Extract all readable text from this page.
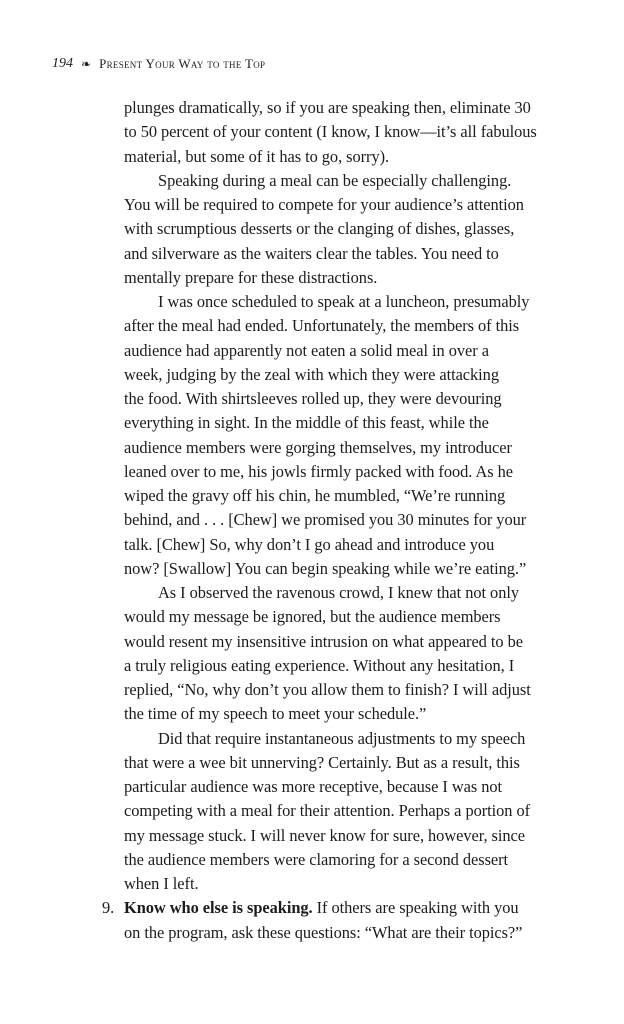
194 ❧ Present Your Way to the Top
plunges dramatically, so if you are speaking then, eliminate 30
to 50 percent of your content (I know, I know—it’s all fabulous
material, but some of it has to go, sorry).
Speaking during a meal can be especially challenging.
You will be required to compete for your audience’s attention
with scrumptious desserts or the clanging of dishes, glasses,
and silverware as the waiters clear the tables. You need to
mentally prepare for these distractions.
I was once scheduled to speak at a luncheon, presumably
after the meal had ended. Unfortunately, the members of this
audience had apparently not eaten a solid meal in over a
week, judging by the zeal with which they were attacking
the food. With shirtsleeves rolled up, they were devouring
everything in sight. In the middle of this feast, while the
audience members were gorging themselves, my introducer
leaned over to me, his jowls firmly packed with food. As he
wiped the gravy off his chin, he mumbled, “We’re running
behind, and . . . [Chew] we promised you 30 minutes for your
talk. [Chew] So, why don’t I go ahead and introduce you
now? [Swallow] You can begin speaking while we’re eating.”
As I observed the ravenous crowd, I knew that not only
would my message be ignored, but the audience members
would resent my insensitive intrusion on what appeared to be
a truly religious eating experience. Without any hesitation, I
replied, “No, why don’t you allow them to finish? I will adjust
the time of my speech to meet your schedule.”
Did that require instantaneous adjustments to my speech
that were a wee bit unnerving? Certainly. But as a result, this
particular audience was more receptive, because I was not
competing with a meal for their attention. Perhaps a portion of
my message stuck. I will never know for sure, however, since
the audience members were clamoring for a second dessert
when I left.
9. Know who else is speaking. If others are speaking with you
on the program, ask these questions: “What are their topics?”
